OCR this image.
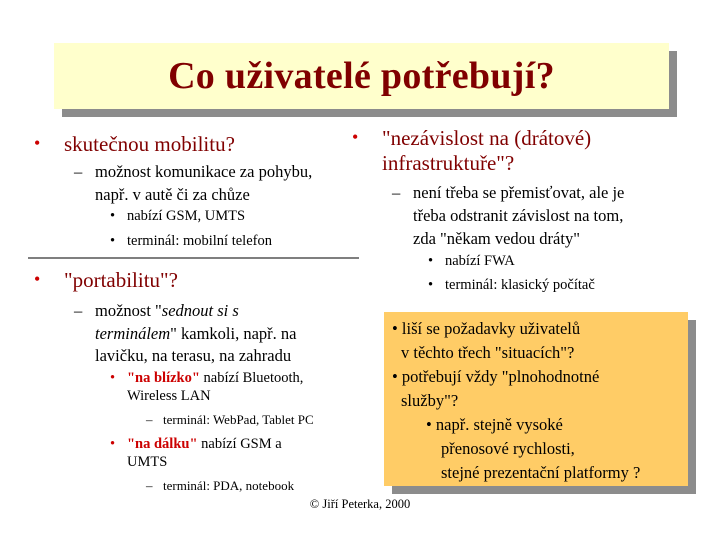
Co uživatelé potřebují?
• skutečnou mobilitu?
– možnost komunikace za pohybu,
např. v autě či za chůze
• nabízí GSM, UMTS
• terminál: mobilní telefon
• "portabilitu"?
– možnost "sednout si s
terminálem" kamkoli, např. na
lavičku, na terasu, na zahradu
• "na blízko" nabízí Bluetooth,
Wireless LAN
– terminál: WebPad, Tablet PC
• "na dálku" nabízí GSM a
UMTS
– terminál: PDA, notebook
• "nezávislost na (drátové)
infrastruktuře"?
– není třeba se přemisťovat, ale je
třeba odstranit závislost na tom,
zda "někam vedou dráty"
• nabízí FWA
• terminál: klasický počítač
• liší se požadavky uživatelů
v těchto třech "situacích"?
• potřebují vždy "plnohodnotné
služby"?
• např. stejně vysoké
přenosové rychlosti,
stejné prezentační platformy ?
© Jiří Peterka, 2000
